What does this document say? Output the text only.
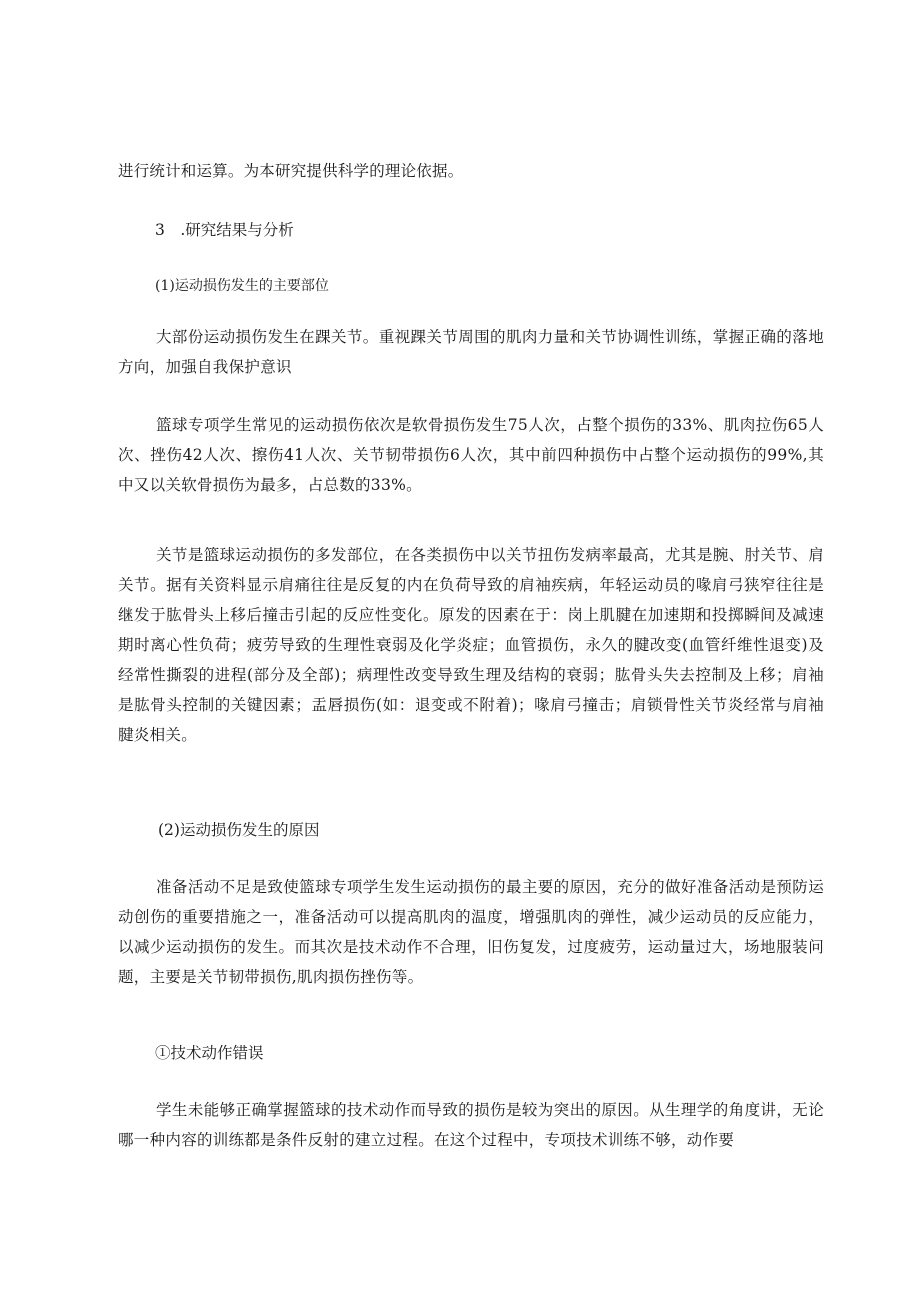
进行统计和运算。为本研究提供科学的理论依据。
3　.研究结果与分析
(1)运动损伤发生的主要部位
大部份运动损伤发生在踝关节。重视踝关节周围的肌肉力量和关节协调性训练，掌握正确的落地方向，加强自我保护意识
篮球专项学生常见的运动损伤依次是软骨损伤发生75人次，占整个损伤的33%、肌肉拉伤65人次、挫伤42人次、擦伤41人次、关节韧带损伤6人次，其中前四种损伤中占整个运动损伤的99%,其中又以关软骨损伤为最多，占总数的33%。
关节是篮球运动损伤的多发部位，在各类损伤中以关节扭伤发病率最高，尤其是腕、肘关节、肩关节。据有关资料显示肩痛往往是反复的内在负荷导致的肩袖疾病，年轻运动员的喙肩弓狭窄往往是继发于肱骨头上移后撞击引起的反应性变化。原发的因素在于：岗上肌腱在加速期和投掷瞬间及减速期时离心性负荷；疲劳导致的生理性衰弱及化学炎症；血管损伤，永久的腱改变(血管纤维性退变)及经常性撕裂的进程(部分及全部)；病理性改变导致生理及结构的衰弱；肱骨头失去控制及上移；肩袖是肱骨头控制的关键因素；盂唇损伤(如：退变或不附着)；喙肩弓撞击；肩锁骨性关节炎经常与肩袖腱炎相关。
(2)运动损伤发生的原因
准备活动不足是致使篮球专项学生发生运动损伤的最主要的原因，充分的做好准备活动是预防运动创伤的重要措施之一，准备活动可以提高肌肉的温度，增强肌肉的弹性，减少运动员的反应能力，以减少运动损伤的发生。而其次是技术动作不合理，旧伤复发，过度疲劳，运动量过大，场地服装问题，主要是关节韧带损伤,肌肉损伤挫伤等。
①技术动作错误
学生未能够正确掌握篮球的技术动作而导致的损伤是较为突出的原因。从生理学的角度讲，无论哪一种内容的训练都是条件反射的建立过程。在这个过程中，专项技术训练不够，动作要
